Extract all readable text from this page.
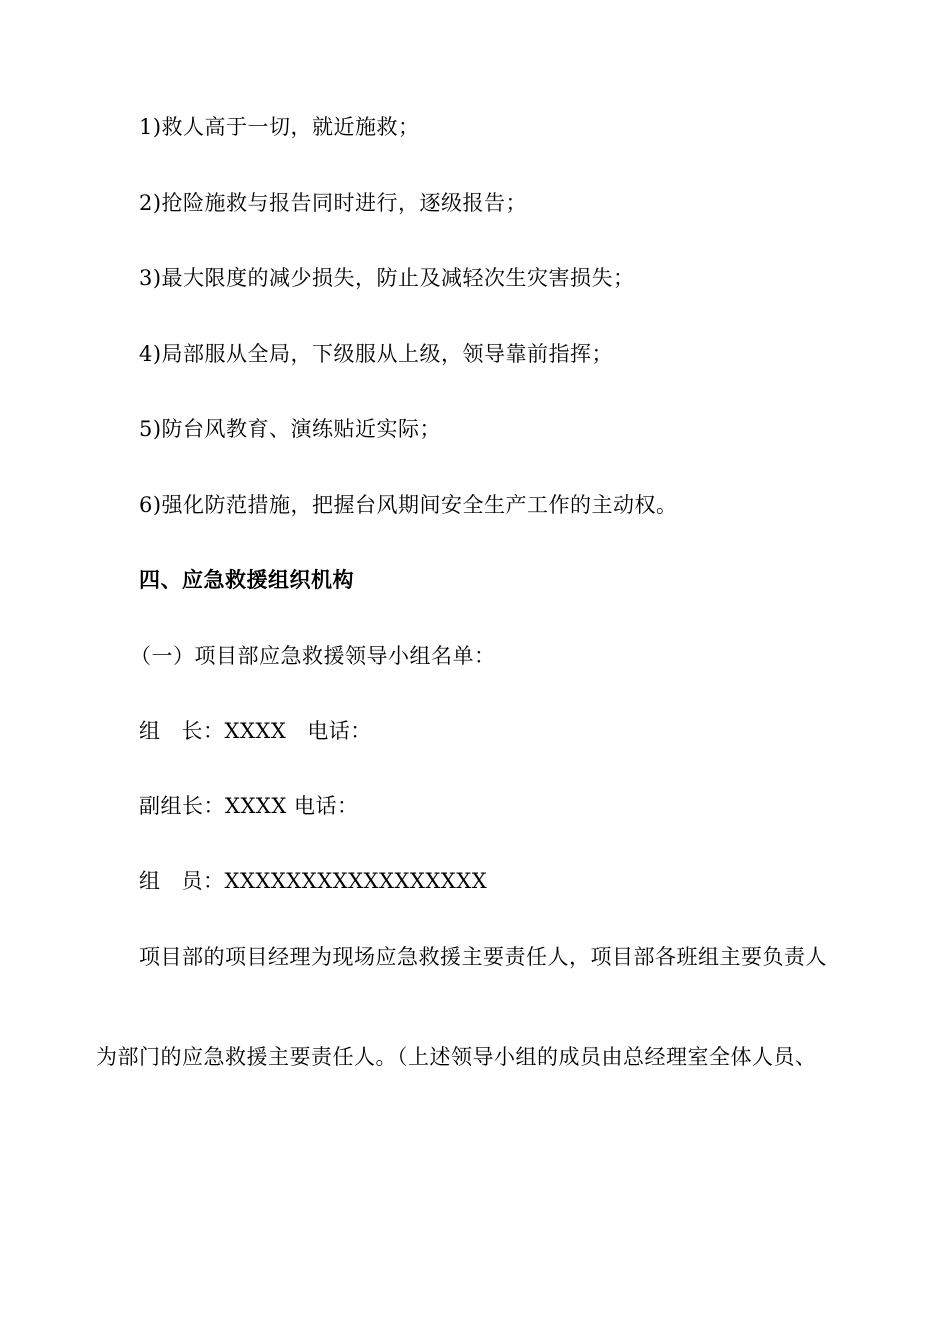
1)救人高于一切，就近施救；
2)抢险施救与报告同时进行，逐级报告；
3)最大限度的减少损失，防止及减轻次生灾害损失；
4)局部服从全局，下级服从上级，领导靠前指挥；
5)防台风教育、演练贴近实际；
6)强化防范措施，把握台风期间安全生产工作的主动权。
四、应急救援组织机构
（一）项目部应急救援领导小组名单：
组 长：XXXX 电话：
副组长：XXXX 电话：
组 员：XXXXXXXXXXXXXXXXX
项目部的项目经理为现场应急救援主要责任人，项目部各班组主要负责人
为部门的应急救援主要责任人。（上述领导小组的成员由总经理室全体人员、
